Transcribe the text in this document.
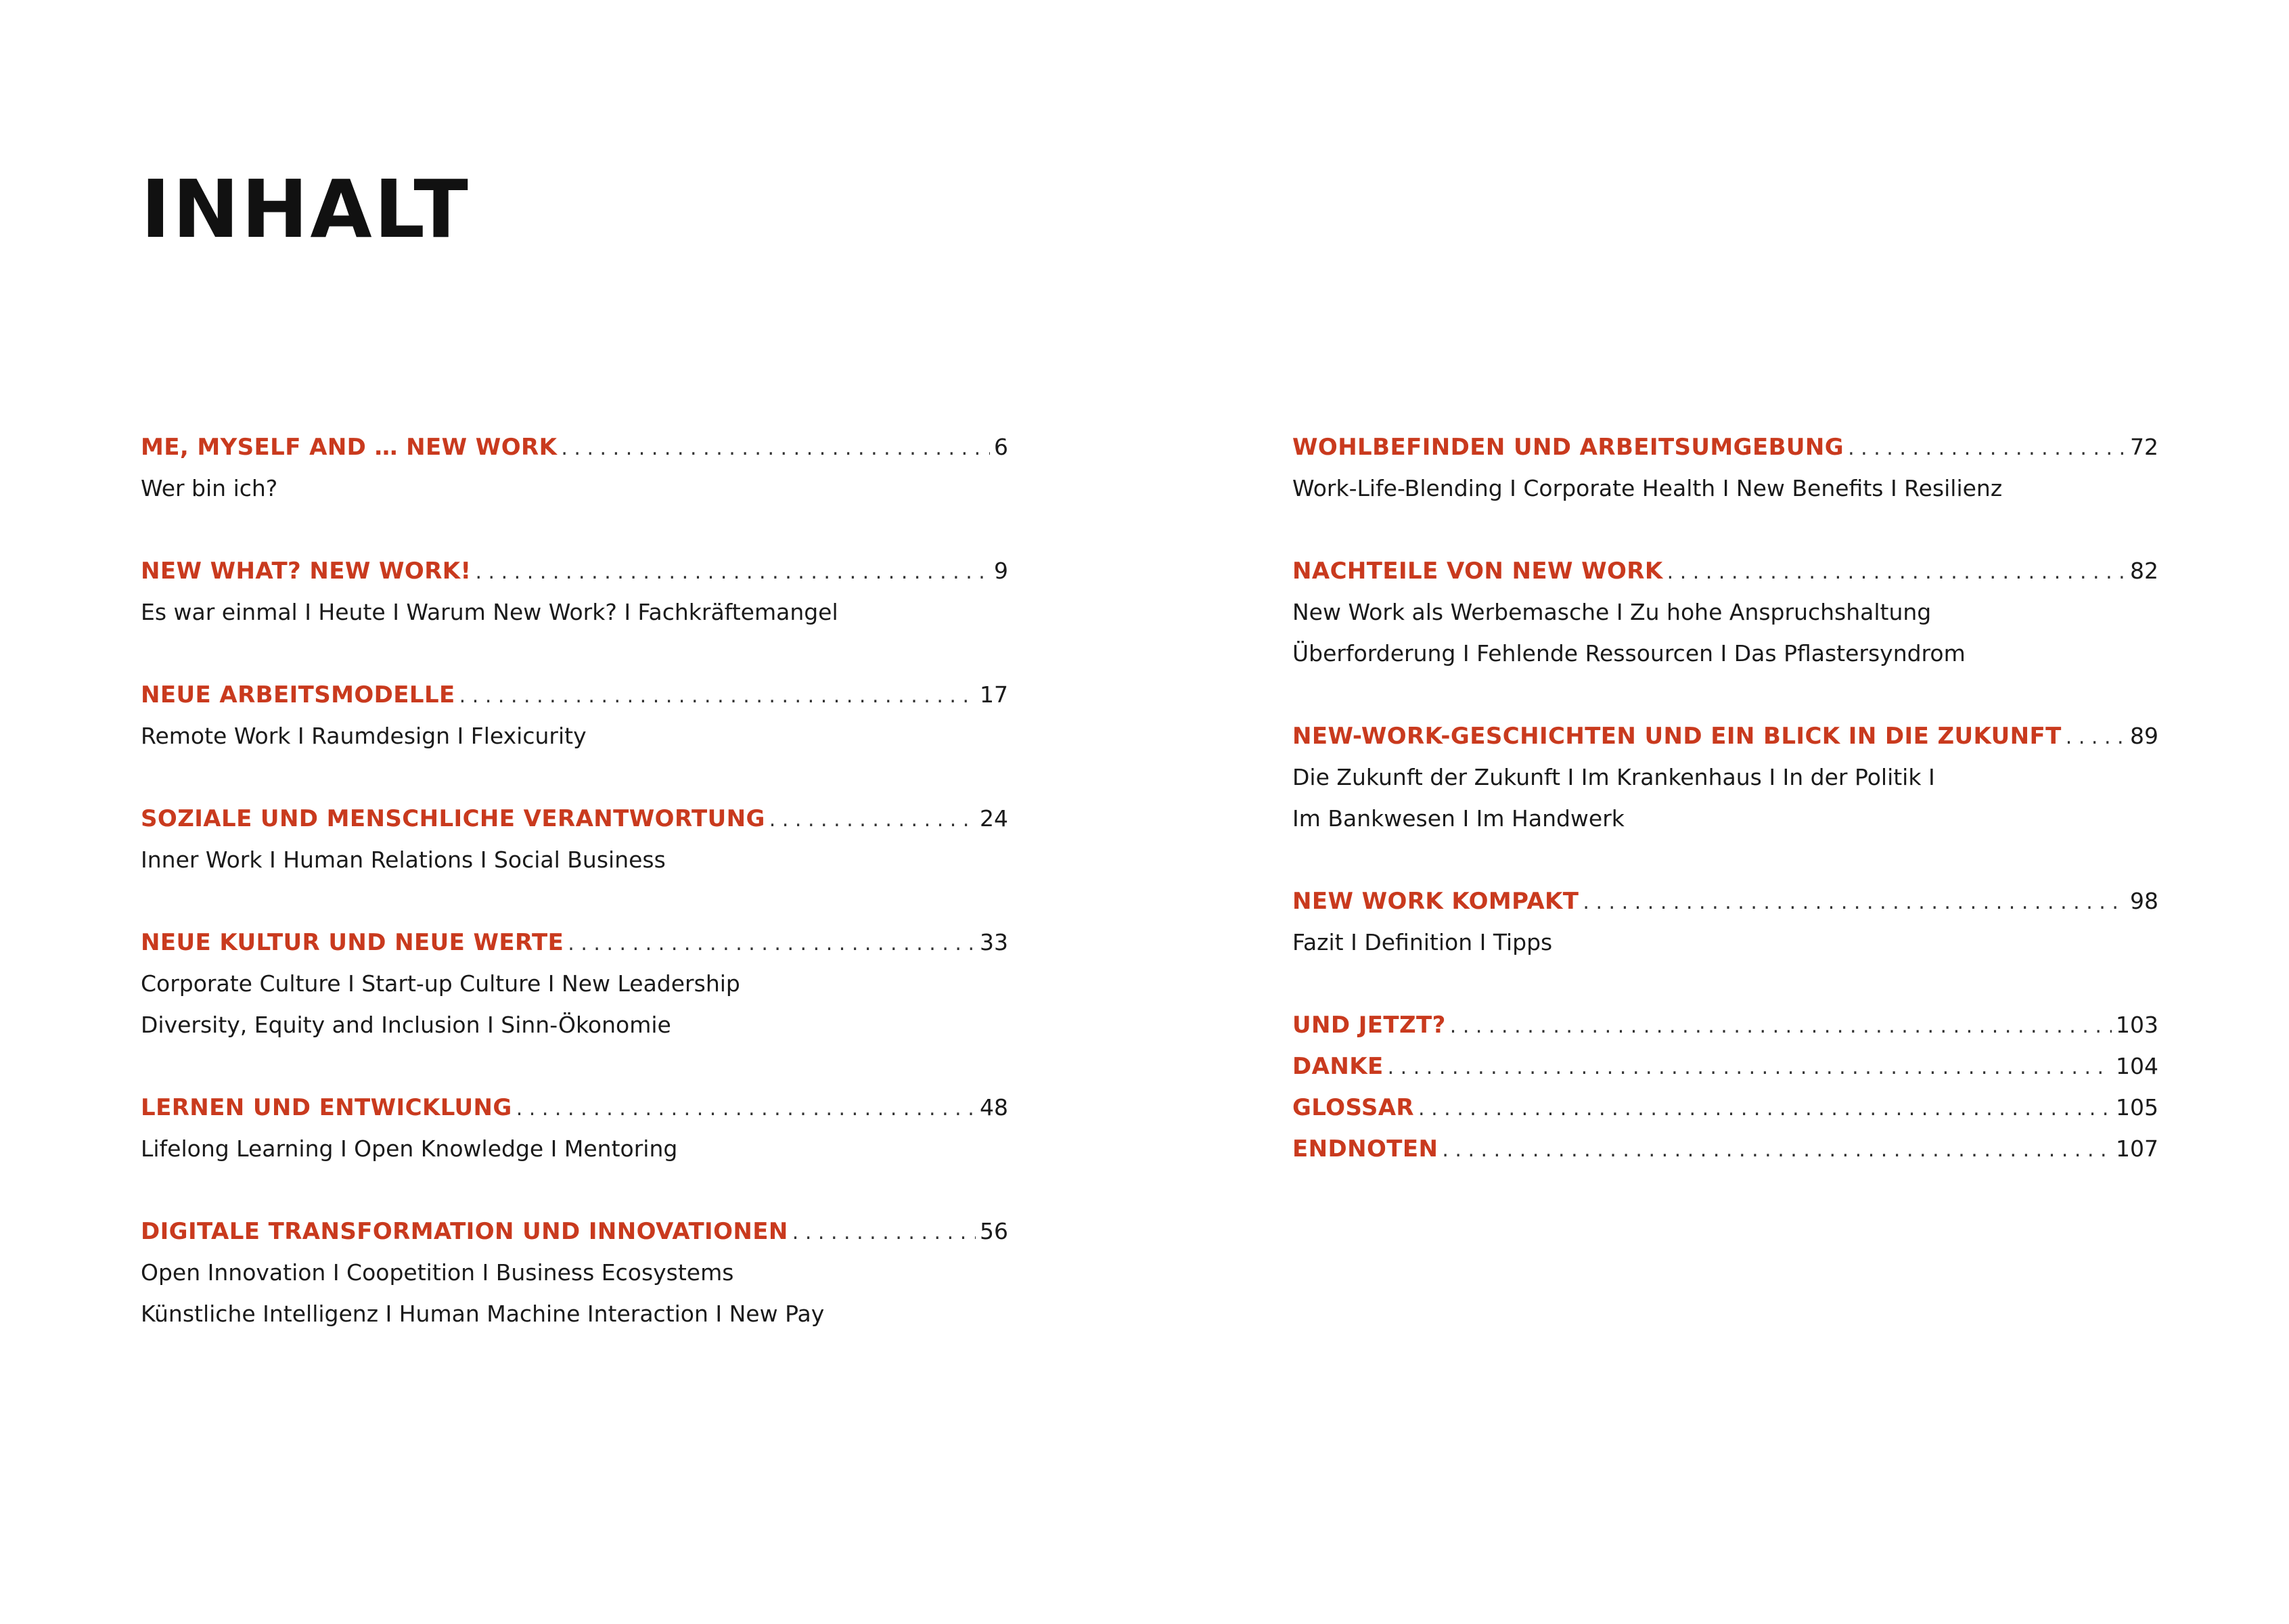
INHALT
ME, MYSELF AND … NEW WORK . . .	6
Wer bin ich?
NEW WHAT? NEW WORK! . . .	9
Es war einmal I Heute I Warum New Work? I Fachkräftemangel
NEUE ARBEITSMODELLE . . .	17
Remote Work I Raumdesign I Flexicurity
SOZIALE UND MENSCHLICHE VERANTWORTUNG . . .	24
Inner Work I Human Relations I Social Business
NEUE KULTUR UND NEUE WERTE . . .	33
Corporate Culture I Start-up Culture I New Leadership
Diversity, Equity and Inclusion I Sinn-Ökonomie
LERNEN UND ENTWICKLUNG . . .	48
Lifelong Learning I Open Knowledge I Mentoring
DIGITALE TRANSFORMATION UND INNOVATIONEN . . .	56
Open Innovation I Coopetition I Business Ecosystems
Künstliche Intelligenz I Human Machine Interaction I New Pay
WOHLBEFINDEN UND ARBEITSUMGEBUNG . . .	72
Work-Life-Blending I Corporate Health I New Benefits I Resilienz
NACHTEILE VON NEW WORK . . .	82
New Work als Werbemasche I Zu hohe Anspruchshaltung
Überforderung I Fehlende Ressourcen I Das Pflastersyndrom
NEW-WORK-GESCHICHTEN UND EIN BLICK IN DIE ZUKUNFT . . .	89
Die Zukunft der Zukunft I Im Krankenhaus I In der Politik I
Im Bankwesen I Im Handwerk
NEW WORK KOMPAKT . . .	98
Fazit I Definition I Tipps
UND JETZT? . . .	103
DANKE . . .	104
GLOSSAR . . .	105
ENDNOTEN . . .	107
